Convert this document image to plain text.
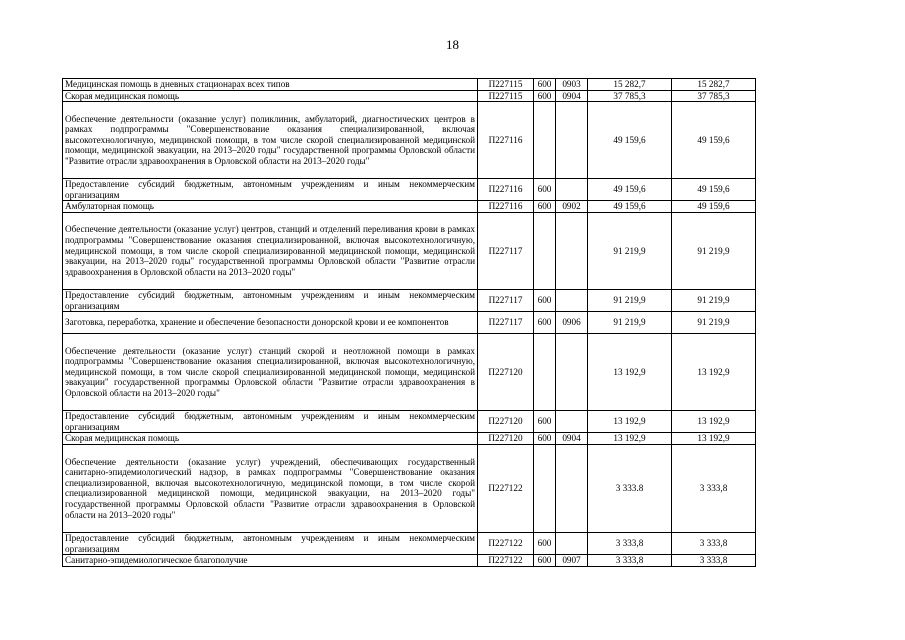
18
Медицинская помощь в дневных стационарах всех типов	П227115	600	0903	15 282,7	15 282,7
Скорая медицинская помощь	П227115	600	0904	37 785,3	37 785,3
Обеспечение деятельности (оказание услуг) поликлиник, амбулаторий, диагностических центров в рамках подпрограммы "Совершенствование оказания специализированной, включая высокотехнологичную, медицинской помощи, в том числе скорой специализированной медицинской помощи, медицинской эвакуации, на 2013–2020 годы" государственной программы Орловской области "Развитие отрасли здравоохранения в Орловской области на 2013–2020 годы"	П227116			49 159,6	49 159,6
Предоставление субсидий бюджетным, автономным учреждениям и иным некоммерческим организациям	П227116	600		49 159,6	49 159,6
Амбулаторная помощь	П227116	600	0902	49 159,6	49 159,6
Обеспечение деятельности (оказание услуг) центров, станций и отделений переливания крови в рамках подпрограммы "Совершенствование оказания специализированной, включая высокотехнологичную, медицинской помощи, в том числе скорой специализированной медицинской помощи, медицинской эвакуации, на 2013–2020 годы" государственной программы Орловской области "Развитие отрасли здравоохранения в Орловской области на 2013–2020 годы"	П227117			91 219,9	91 219,9
Предоставление субсидий бюджетным, автономным учреждениям и иным некоммерческим организациям	П227117	600		91 219,9	91 219,9
Заготовка, переработка, хранение и обеспечение безопасности донорской крови и ее компонентов	П227117	600	0906	91 219,9	91 219,9
Обеспечение деятельности (оказание услуг) станций скорой и неотложной помощи в рамках подпрограммы "Совершенствование оказания специализированной, включая высокотехнологичную, медицинской помощи, в том числе скорой специализированной медицинской помощи, медицинской эвакуации" государственной программы Орловской области "Развитие отрасли здравоохранения в Орловской области на 2013–2020 годы"	П227120			13 192,9	13 192,9
Предоставление субсидий бюджетным, автономным учреждениям и иным некоммерческим организациям	П227120	600		13 192,9	13 192,9
Скорая медицинская помощь	П227120	600	0904	13 192,9	13 192,9
Обеспечение деятельности (оказание услуг) учреждений, обеспечивающих государственный санитарно-эпидемиологический надзор, в рамках подпрограммы "Совершенствование оказания специализированной, включая высокотехнологичную, медицинской помощи, в том числе скорой специализированной медицинской помощи, медицинской эвакуации, на 2013–2020 годы" государственной программы Орловской области "Развитие отрасли здравоохранения в Орловской области на 2013–2020 годы"	П227122			3 333.8	3 333,8
Предоставление субсидий бюджетным, автономным учреждениям и иным некоммерческим организациям	П227122	600		3 333,8	3 333,8
Санитарно-эпидемиологическое благополучие	П227122	600	0907	3 333,8	3 333,8
